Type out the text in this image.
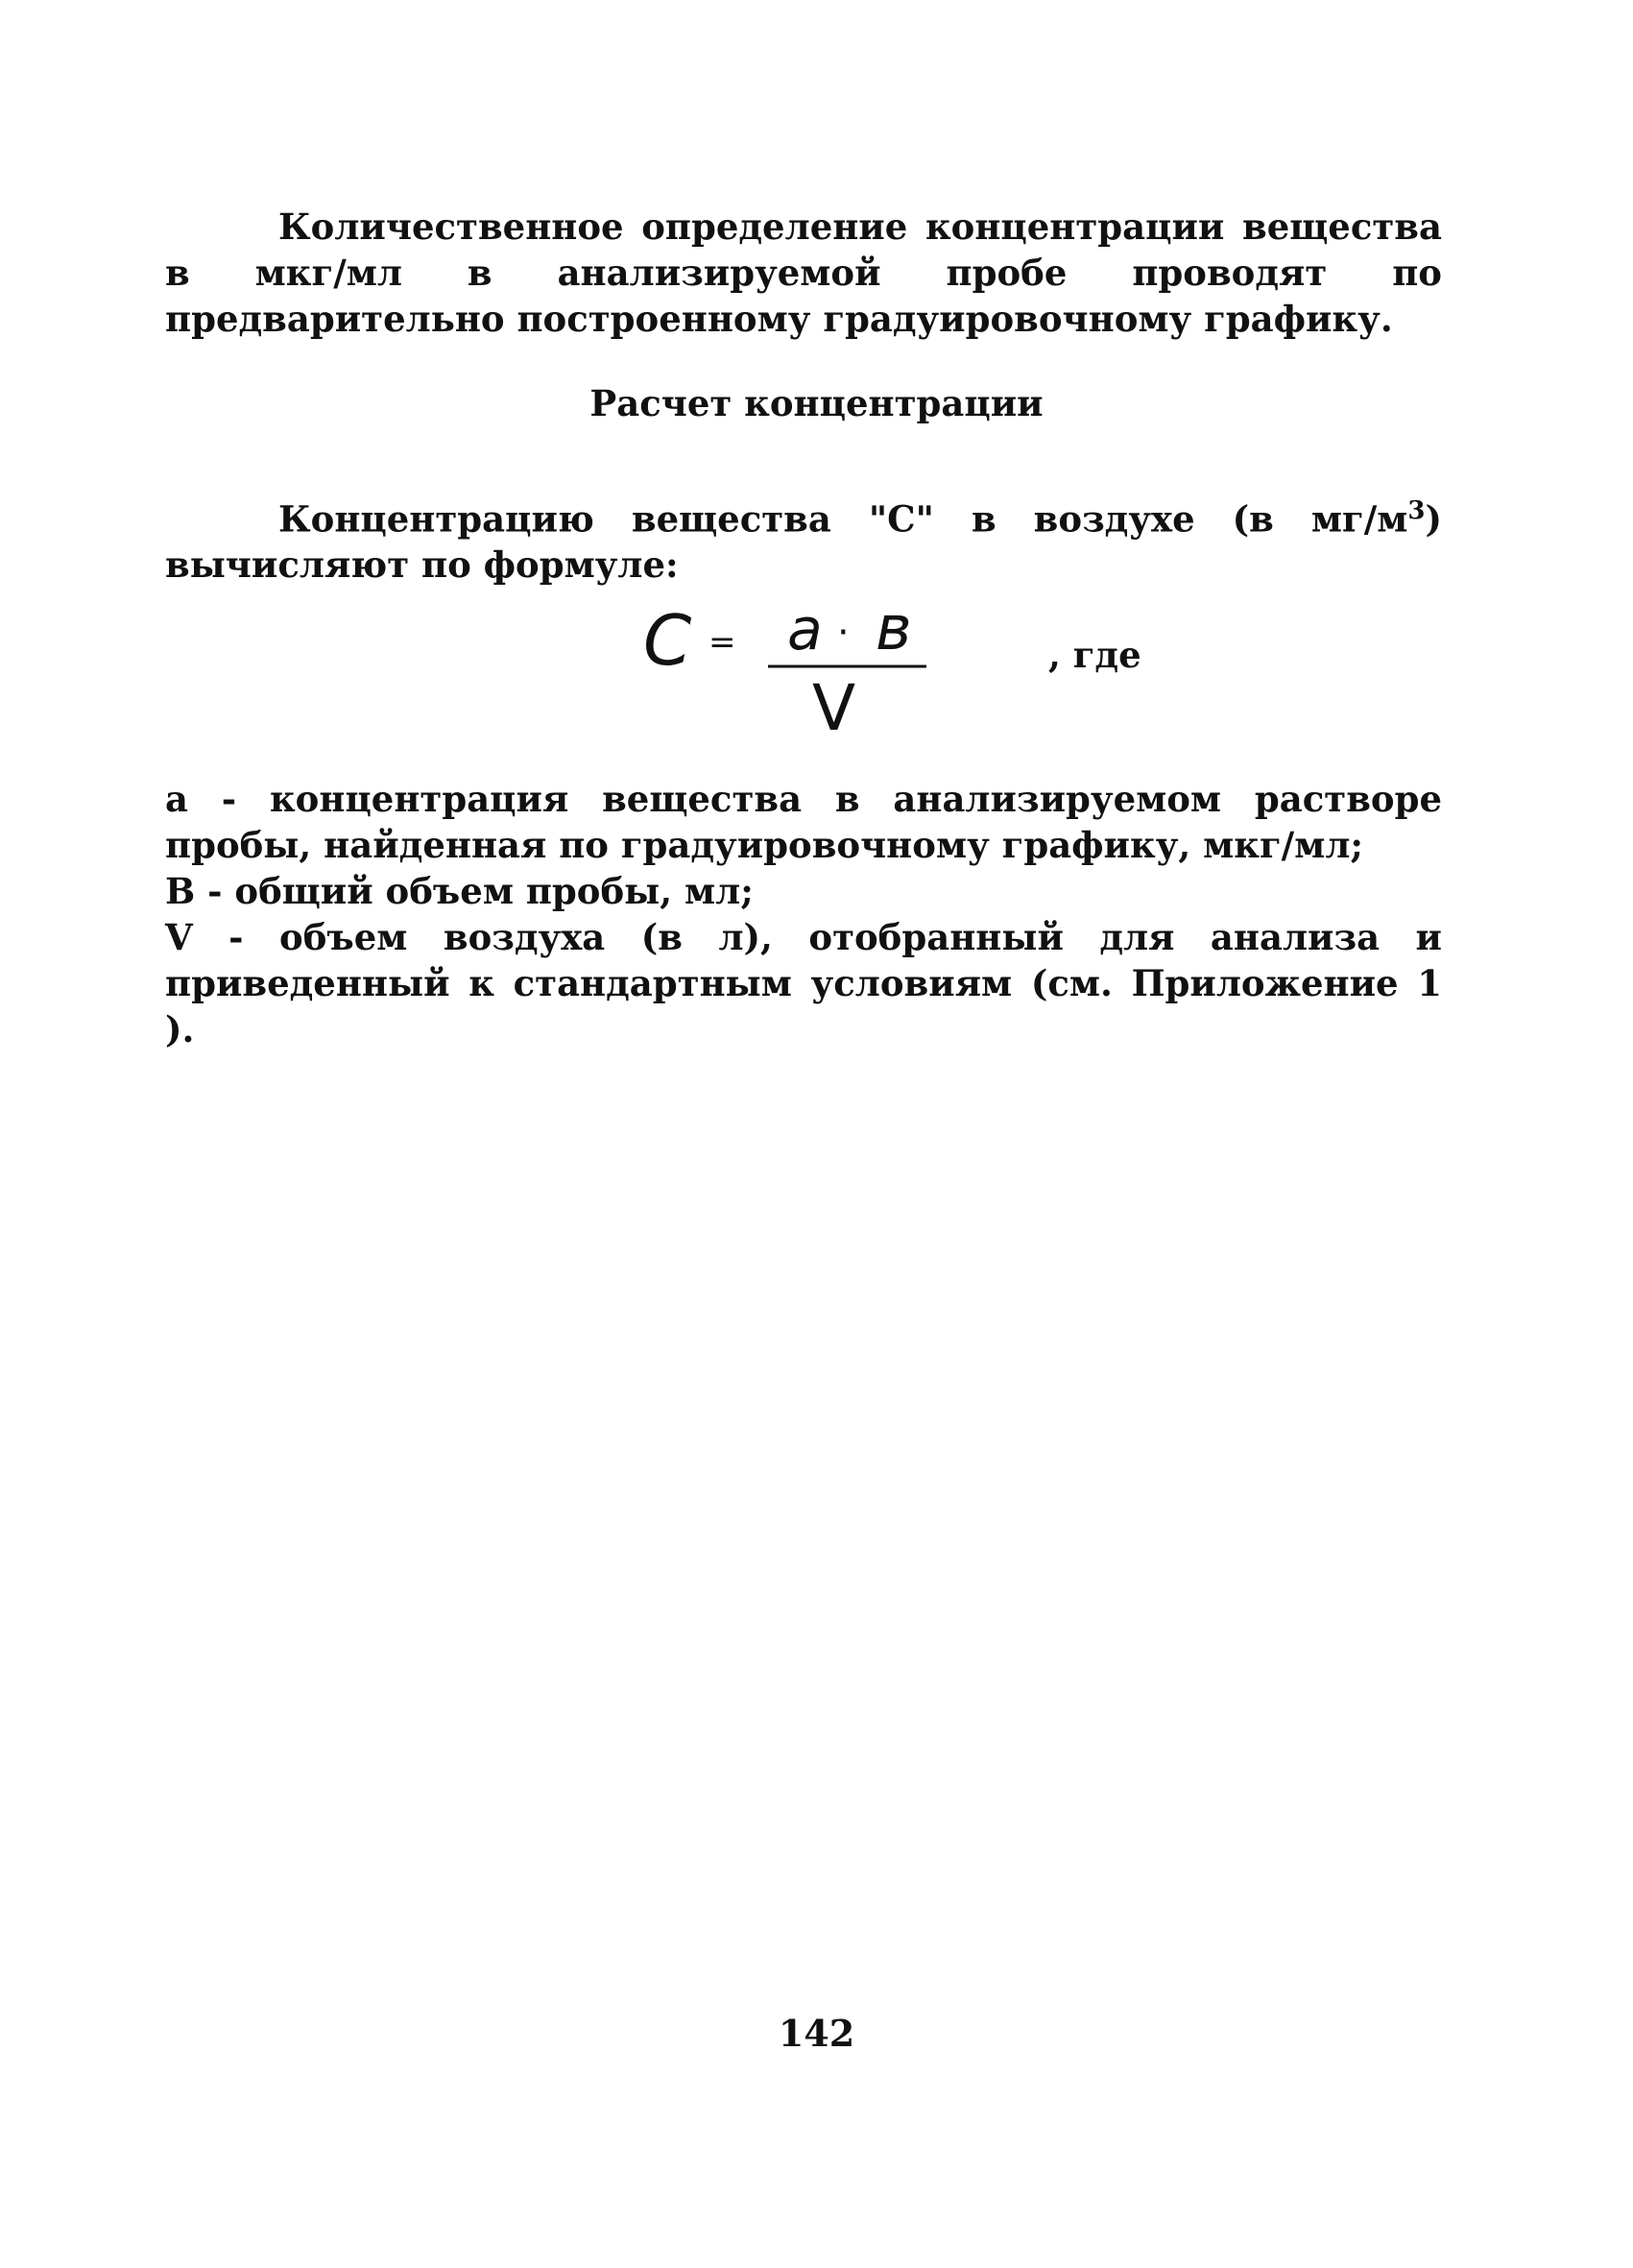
Количественное определение концентрации вещества в мкг/мл в анализируемой пробе проводят по предварительно построенному градуировочному графику.

Расчет концентрации

Концентрацию вещества "С" в воздухе (в $мг/м^3$) вычисляют по формуле:

C = a · в
V
, где

а - концентрация вещества в анализируемом растворе пробы, найденная по градуировочному графику, мкг/мл;

В - общий объем пробы, мл;

V - объем воздуха (в л), отобранный для анализа и приведенный к стандартным условиям (см. Приложение 1 ).

142
